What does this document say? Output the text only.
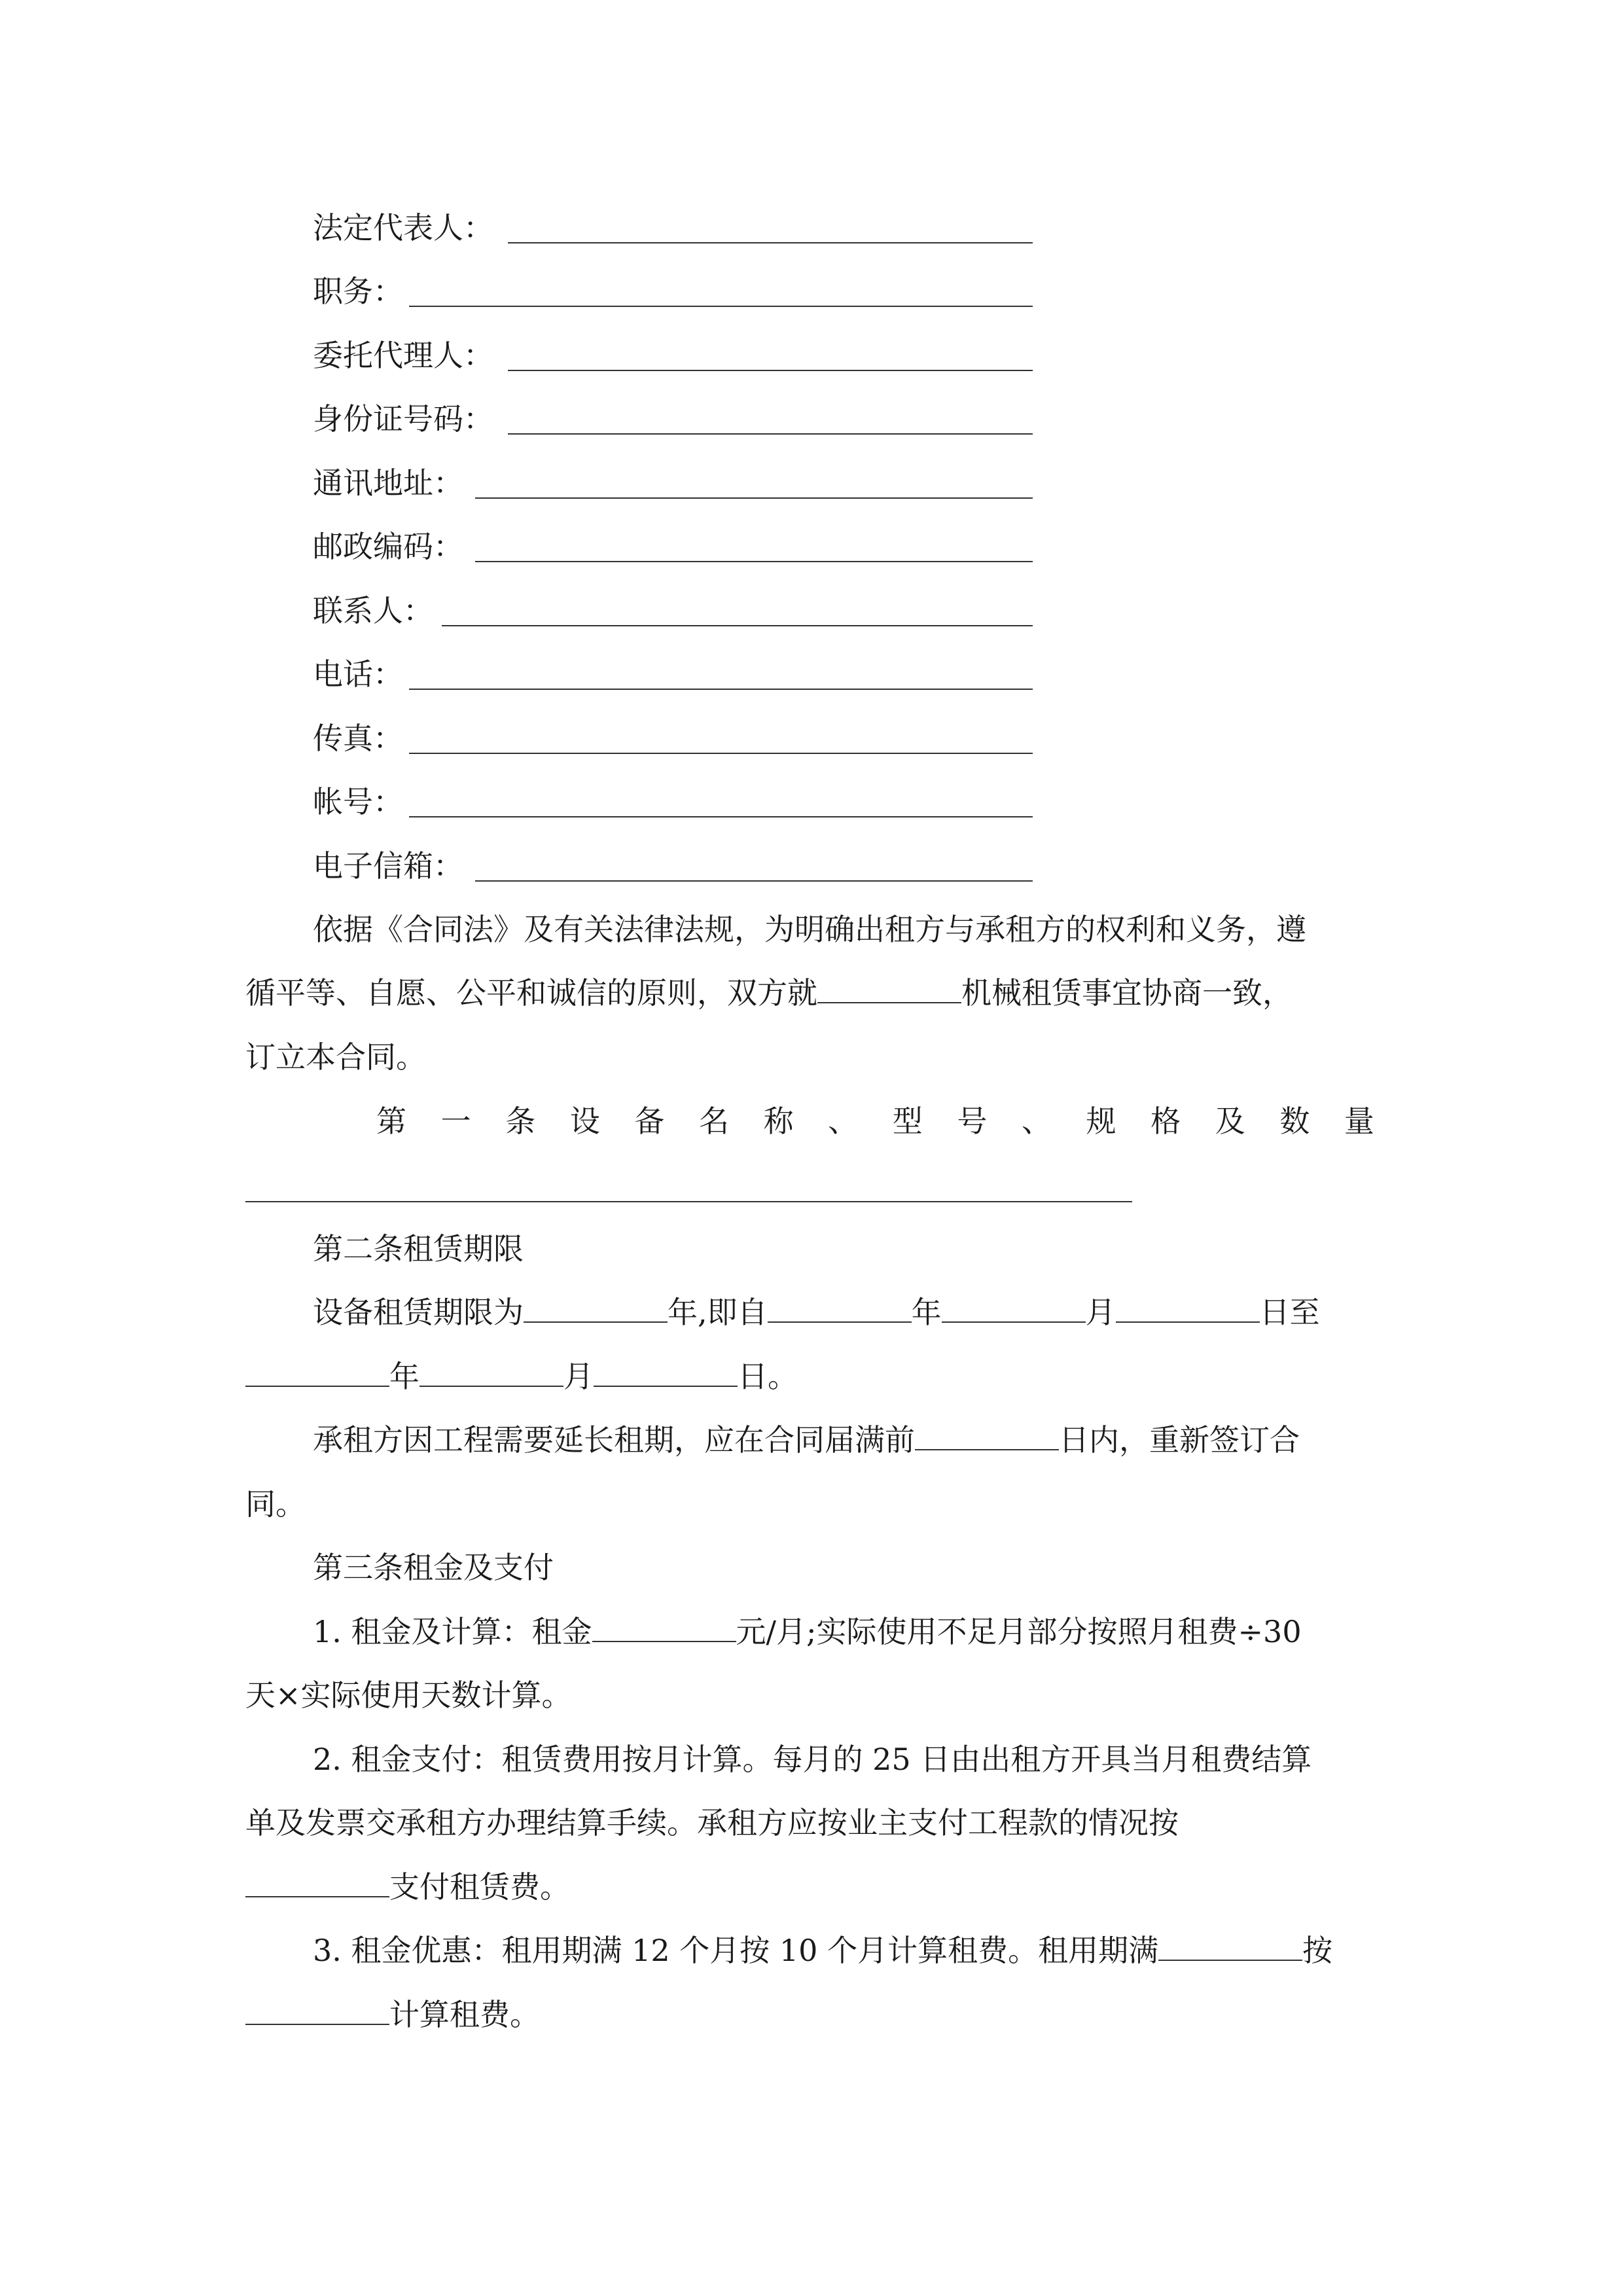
法定代表人：
职务：
委托代理人：
身份证号码：
通讯地址：
邮政编码：
联系人：
电话：
传真：
帐号：
电子信箱：
依据《合同法》及有关法律法规，为明确出租方与承租方的权利和义务，遵
循平等、自愿、公平和诚信的原则，双方就	机械租赁事宜协商一致，
订立本合同。
第 一 条 设 备 名 称 、 型 号 、 规 格 及 数 量
第二条租赁期限
设备租赁期限为	年,即自	年	月	日至
年	月	日。
承租方因工程需要延长租期，应在合同届满前	日内，重新签订合
同。
第三条租金及支付
1. 租金及计算：租金	元/月;实际使用不足月部分按照月租费÷30
天×实际使用天数计算。
2. 租金支付：租赁费用按月计算。每月的 25 日由出租方开具当月租费结算
单及发票交承租方办理结算手续。承租方应按业主支付工程款的情况按
支付租赁费。
3. 租金优惠：租用期满 12 个月按 10 个月计算租费。租用期满	按
计算租费。
